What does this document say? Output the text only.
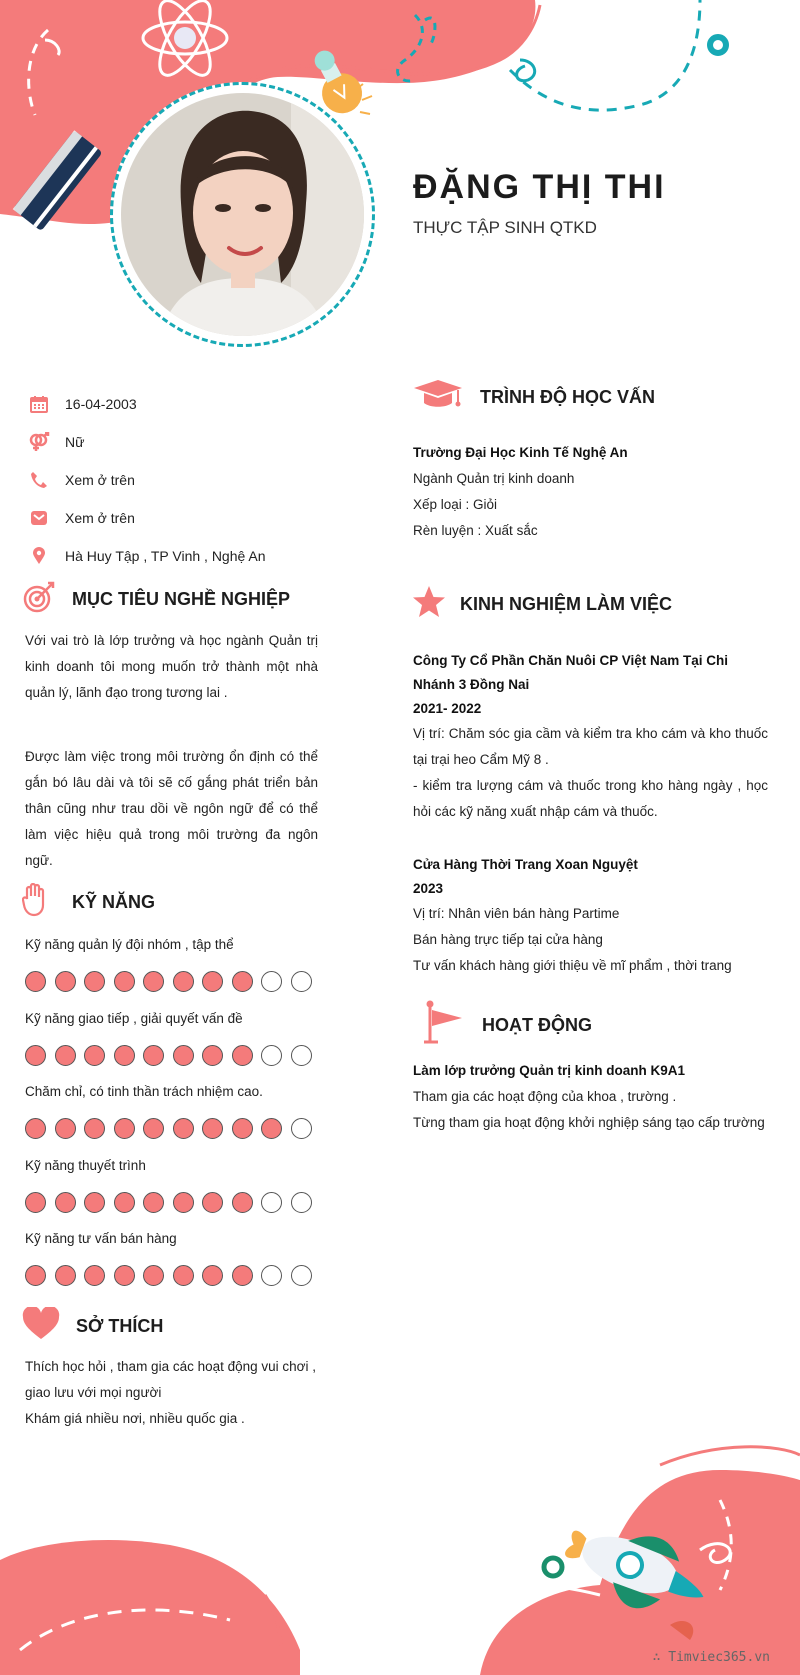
ĐẶNG THỊ THI
THỰC TẬP SINH QTKD
16-04-2003
Nữ
Xem ở trên
Xem ở trên
Hà Huy Tập , TP Vinh , Nghệ An
MỤC TIÊU NGHỀ NGHIỆP
Với vai trò là lớp trưởng và học ngành Quản trị kinh doanh tôi mong muốn trở thành một nhà quản lý, lãnh đạo trong tương lai .
Được làm việc trong môi trường ổn định có thể gắn bó lâu dài và tôi sẽ cố gắng phát triển bản thân cũng như trau dồi về ngôn ngữ để có thể làm việc hiệu quả trong môi trường đa ngôn ngữ.
KỸ NĂNG
Kỹ năng quản lý đội nhóm , tập thể
Kỹ năng giao tiếp , giải quyết vấn đề
Chăm chỉ, có tinh thần trách nhiệm cao.
Kỹ năng thuyết trình
Kỹ năng tư vấn bán hàng
SỞ THÍCH
Thích học hỏi , tham gia các hoạt động vui chơi , giao lưu với mọi người
Khám giá nhiều nơi, nhiều quốc gia .
TRÌNH ĐỘ HỌC VẤN
Trường Đại Học Kinh Tế Nghệ An
Ngành Quản trị kinh doanh
Xếp loại : Giỏi
Rèn luyện : Xuất sắc
KINH NGHIỆM LÀM VIỆC
Công Ty Cổ Phần Chăn Nuôi CP Việt Nam Tại Chi Nhánh 3 Đồng Nai
2021- 2022
Vị trí: Chăm sóc gia cầm và kiểm tra kho cám và kho thuốc tại trại heo Cẩm Mỹ 8 .
- kiểm tra lượng cám và thuốc trong kho hàng ngày , học hỏi các kỹ năng xuất nhập cám và thuốc.
Cửa Hàng Thời Trang Xoan Nguyệt
2023
Vị trí: Nhân viên bán hàng Partime
Bán hàng trực tiếp tại cửa hàng
Tư vấn khách hàng giới thiệu về mĩ phẩm , thời trang
HOẠT ĐỘNG
Làm lớp trưởng Quản trị kinh doanh K9A1
Tham gia các hoạt động của khoa , trường .
Từng tham gia hoạt động khởi nghiệp sáng tạo cấp trường
∴ Timviec365.vn
